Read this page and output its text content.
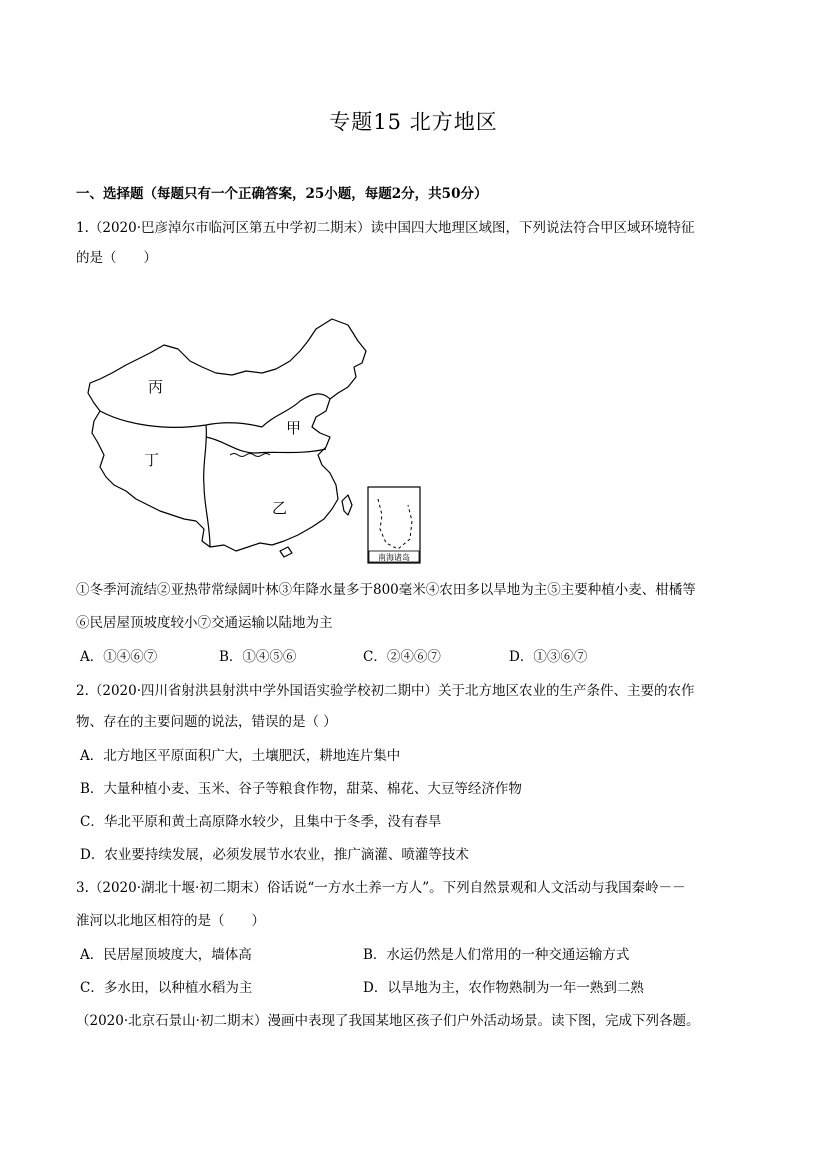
专题15 北方地区
一、选择题（每题只有一个正确答案，25小题，每题2分，共50分）
1.（2020·巴彦淖尔市临河区第五中学初二期末）读中国四大地理区域图，下列说法符合甲区域环境特征
的是（　　）
南海诸岛
丙
甲
丁
乙
①冬季河流结②亚热带常绿阔叶林③年降水量多于800毫米④农田多以旱地为主⑤主要种植小麦、柑橘等
⑥民居屋顶坡度较小⑦交通运输以陆地为主
A．①④⑥⑦	B．①④⑤⑥	C．②④⑥⑦	D．①③⑥⑦
2.（2020·四川省射洪县射洪中学外国语实验学校初二期中）关于北方地区农业的生产条件、主要的农作
物、存在的主要问题的说法，错误的是（ ）
A．北方地区平原面积广大，土壤肥沃，耕地连片集中
B．大量种植小麦、玉米、谷子等粮食作物，甜菜、棉花、大豆等经济作物
C．华北平原和黄土高原降水较少，且集中于冬季，没有春旱
D．农业要持续发展，必须发展节水农业，推广滴灌、喷灌等技术
3.（2020·湖北十堰·初二期末）俗话说“一方水土养一方人”。下列自然景观和人文活动与我国秦岭－－
淮河以北地区相符的是（　　）
A．民居屋顶坡度大，墙体高	B．水运仍然是人们常用的一种交通运输方式
C．多水田，以种植水稻为主	D．以旱地为主，农作物熟制为一年一熟到二熟
（2020·北京石景山·初二期末）漫画中表现了我国某地区孩子们户外活动场景。读下图，完成下列各题。
